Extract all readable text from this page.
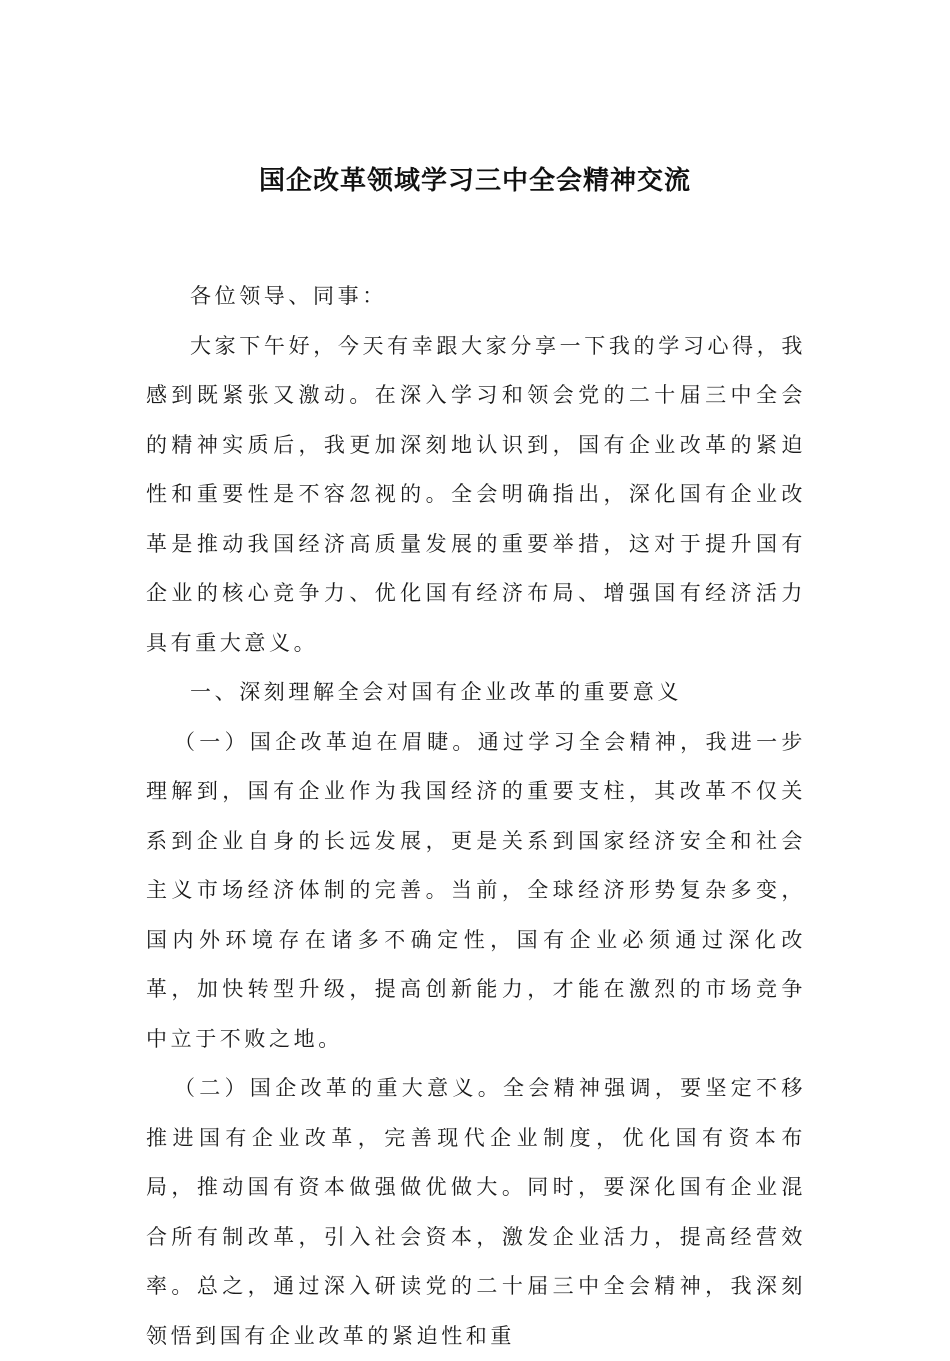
国企改革领域学习三中全会精神交流

各位领导、同事：

大家下午好，今天有幸跟大家分享一下我的学习心得，我感到既紧张又激动。在深入学习和领会党的二十届三中全会的精神实质后，我更加深刻地认识到，国有企业改革的紧迫性和重要性是不容忽视的。全会明确指出，深化国有企业改革是推动我国经济高质量发展的重要举措，这对于提升国有企业的核心竞争力、优化国有经济布局、增强国有经济活力具有重大意义。

一、深刻理解全会对国有企业改革的重要意义

（一）国企改革迫在眉睫。通过学习全会精神，我进一步理解到，国有企业作为我国经济的重要支柱，其改革不仅关系到企业自身的长远发展，更是关系到国家经济安全和社会主义市场经济体制的完善。当前，全球经济形势复杂多变，国内外环境存在诸多不确定性，国有企业必须通过深化改革，加快转型升级，提高创新能力，才能在激烈的市场竞争中立于不败之地。

（二）国企改革的重大意义。全会精神强调，要坚定不移推进国有企业改革，完善现代企业制度，优化国有资本布局，推动国有资本做强做优做大。同时，要深化国有企业混合所有制改革，引入社会资本，激发企业活力，提高经营效率。总之，通过深入研读党的二十届三中全会精神，我深刻领悟到国有企业改革的紧迫性和重
